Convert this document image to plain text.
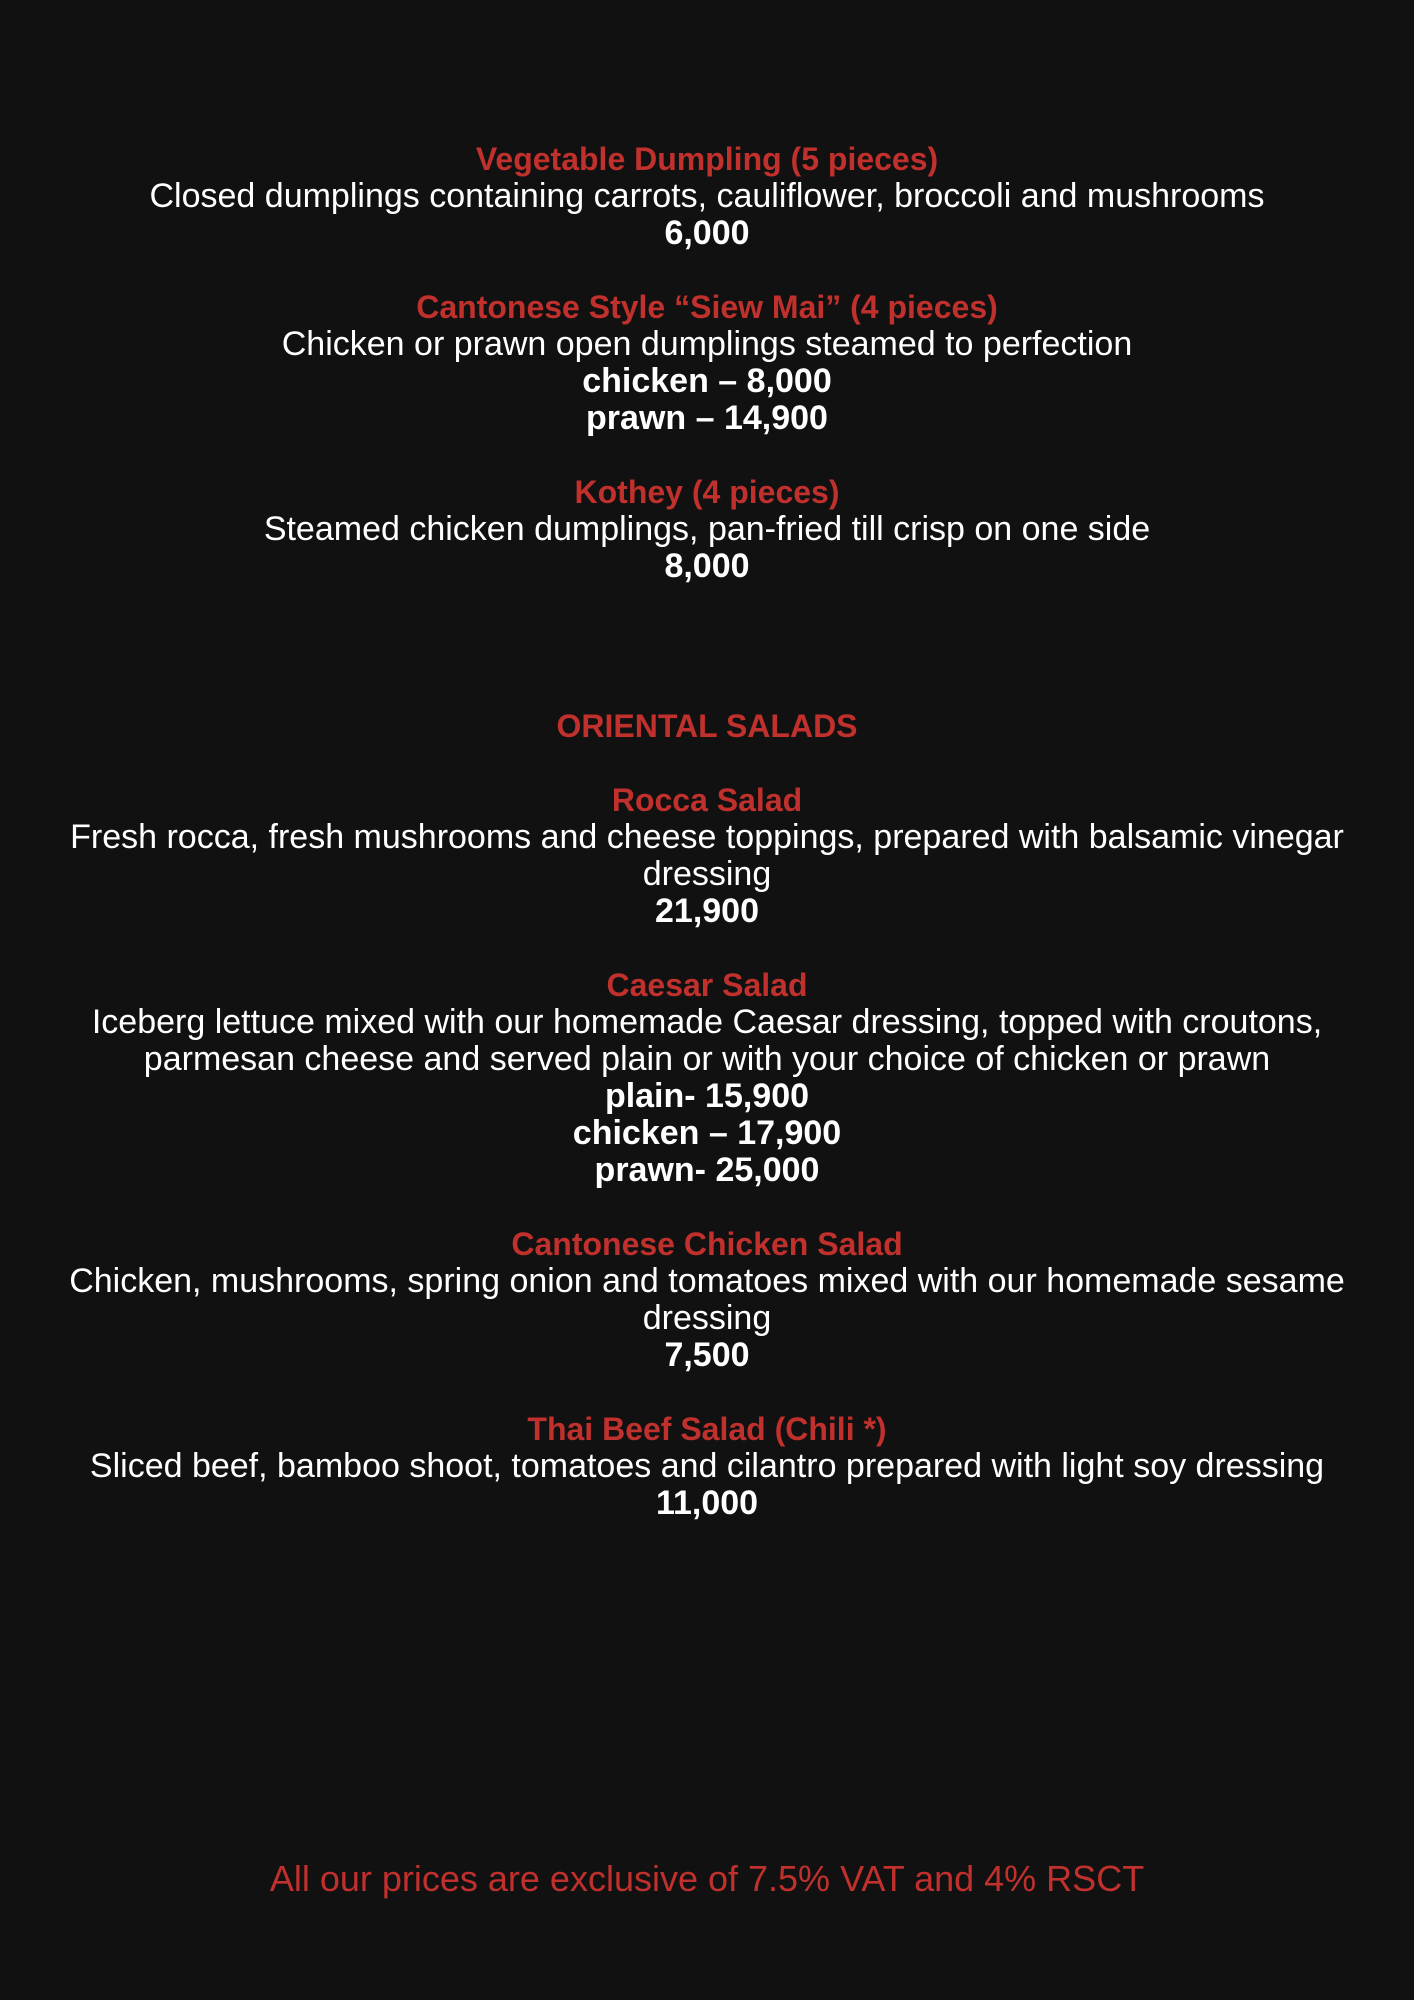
Vegetable Dumpling (5 pieces)
Closed dumplings containing carrots, cauliflower, broccoli and mushrooms
6,000
Cantonese Style “Siew Mai” (4 pieces)
Chicken or prawn open dumplings steamed to perfection
chicken – 8,000
prawn – 14,900
Kothey (4 pieces)
Steamed chicken dumplings, pan-fried till crisp on one side
8,000
ORIENTAL SALADS
Rocca Salad
Fresh rocca, fresh mushrooms and cheese toppings, prepared with balsamic vinegar dressing
21,900
Caesar Salad
Iceberg lettuce mixed with our homemade Caesar dressing, topped with croutons, parmesan cheese and served plain or with your choice of chicken or prawn
plain- 15,900
chicken – 17,900
prawn- 25,000
Cantonese Chicken Salad
Chicken, mushrooms, spring onion and tomatoes mixed with our homemade sesame dressing
7,500
Thai Beef Salad (Chili *)
Sliced beef, bamboo shoot, tomatoes and cilantro prepared with light soy dressing
11,000
All our prices are exclusive of 7.5% VAT and 4% RSCT
